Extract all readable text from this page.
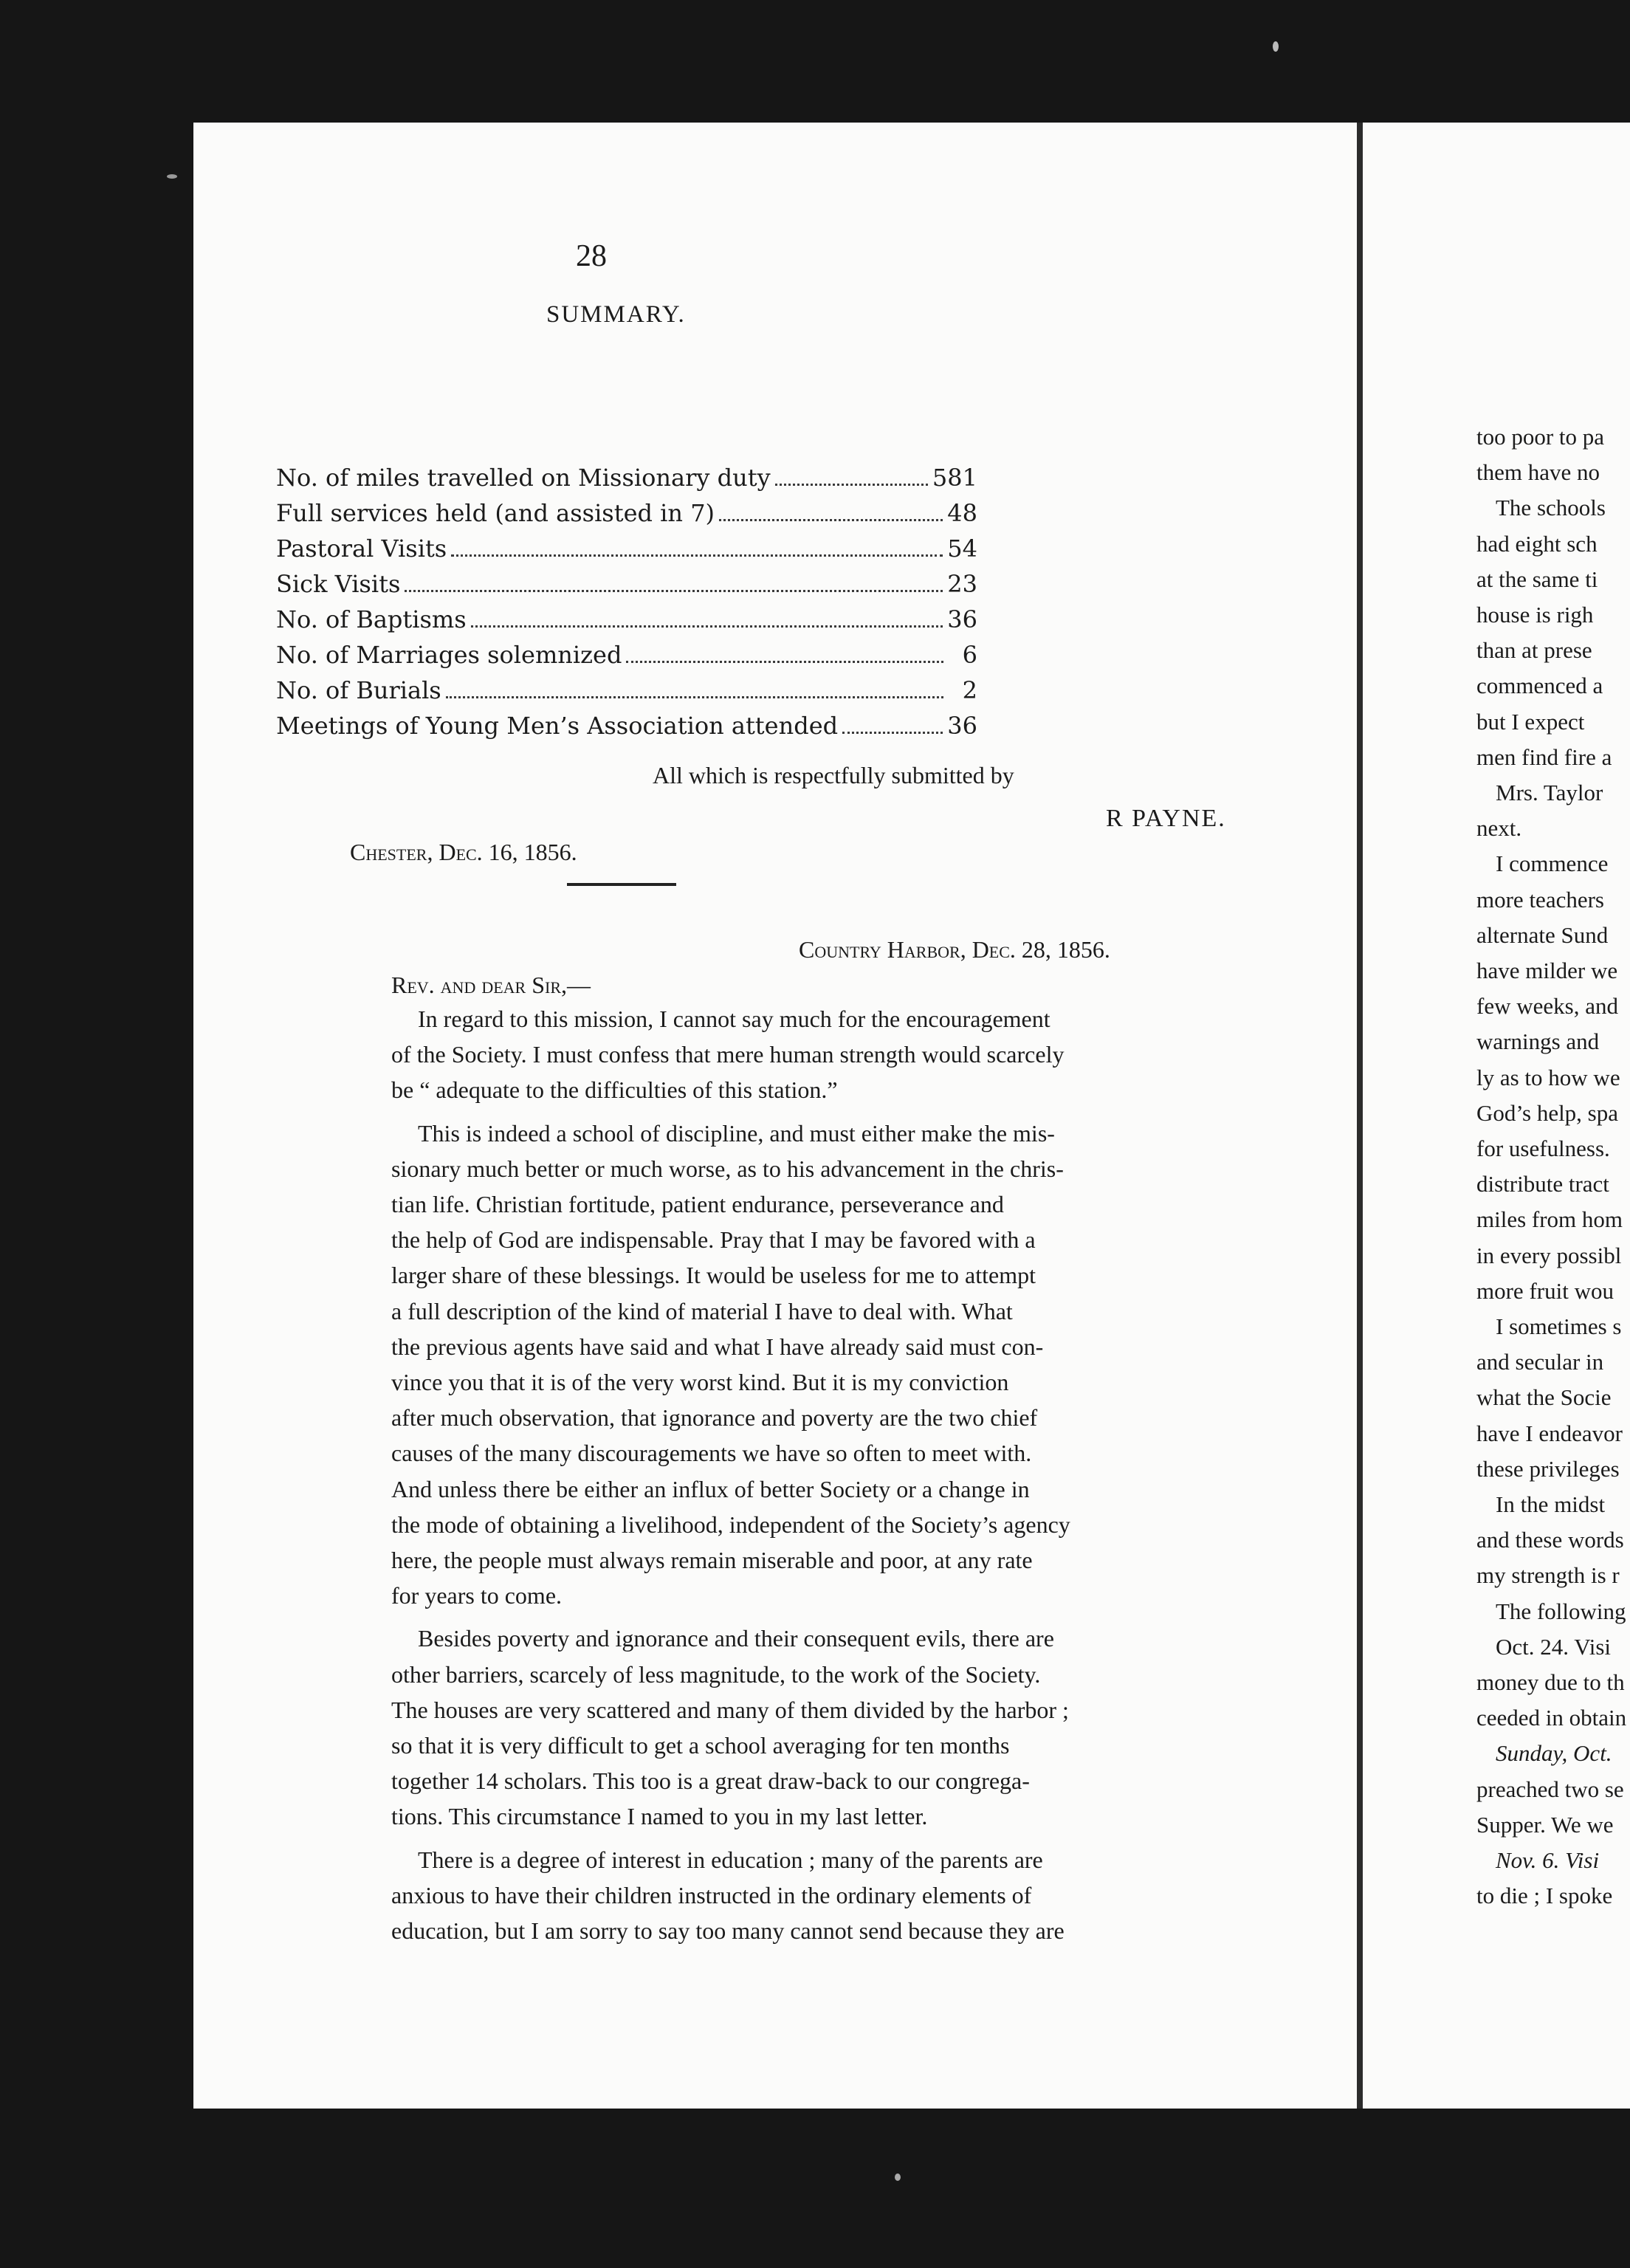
28
SUMMARY.
No. of miles travelled on Missionary duty	581
Full services held (and assisted in 7)	48
Pastoral Visits	54
Sick Visits	23
No. of Baptisms	36
No. of Marriages solemnized	6
No. of Burials	2
Meetings of Young Men’s Association attended	36
All which is respectfully submitted by
R PAYNE.
Chester, Dec. 16, 1856.
Country Harbor, Dec. 28, 1856.
Rev. and dear Sir,—
In regard to this mission, I cannot say much for the encouragement
of the Society. I must confess that mere human strength would scarcely
be “ adequate to the difficulties of this station.”
This is indeed a school of discipline, and must either make the mis-
sionary much better or much worse, as to his advancement in the chris-
tian life. Christian fortitude, patient endurance, perseverance and
the help of God are indispensable. Pray that I may be favored with a
larger share of these blessings. It would be useless for me to attempt
a full description of the kind of material I have to deal with. What
the previous agents have said and what I have already said must con-
vince you that it is of the very worst kind. But it is my conviction
after much observation, that ignorance and poverty are the two chief
causes of the many discouragements we have so often to meet with.
And unless there be either an influx of better Society or a change in
the mode of obtaining a livelihood, independent of the Society’s agency
here, the people must always remain miserable and poor, at any rate
for years to come.
Besides poverty and ignorance and their consequent evils, there are
other barriers, scarcely of less magnitude, to the work of the Society.
The houses are very scattered and many of them divided by the harbor ;
so that it is very difficult to get a school averaging for ten months
together 14 scholars. This too is a great draw-back to our congrega-
tions. This circumstance I named to you in my last letter.
There is a degree of interest in education ; many of the parents are
anxious to have their children instructed in the ordinary elements of
education, but I am sorry to say too many cannot send because they are
too poor to pa
them have no
The schools
had eight sch
at the same ti
house is righ
than at prese
commenced a
but I expect
men find fire a
Mrs. Taylor
next.
I commence
more teachers
alternate Sund
have milder we
few weeks, and
warnings and
ly as to how we
God’s help, spa
for usefulness.
distribute tract
miles from hom
in every possibl
more fruit wou
I sometimes s
and secular in
what the Socie
have I endeavor
these privileges
In the midst
and these words
my strength is r
The following
Oct. 24. Visi
money due to th
ceeded in obtain
Sunday, Oct.
preached two se
Supper. We we
Nov. 6. Visi
to die ; I spoke
